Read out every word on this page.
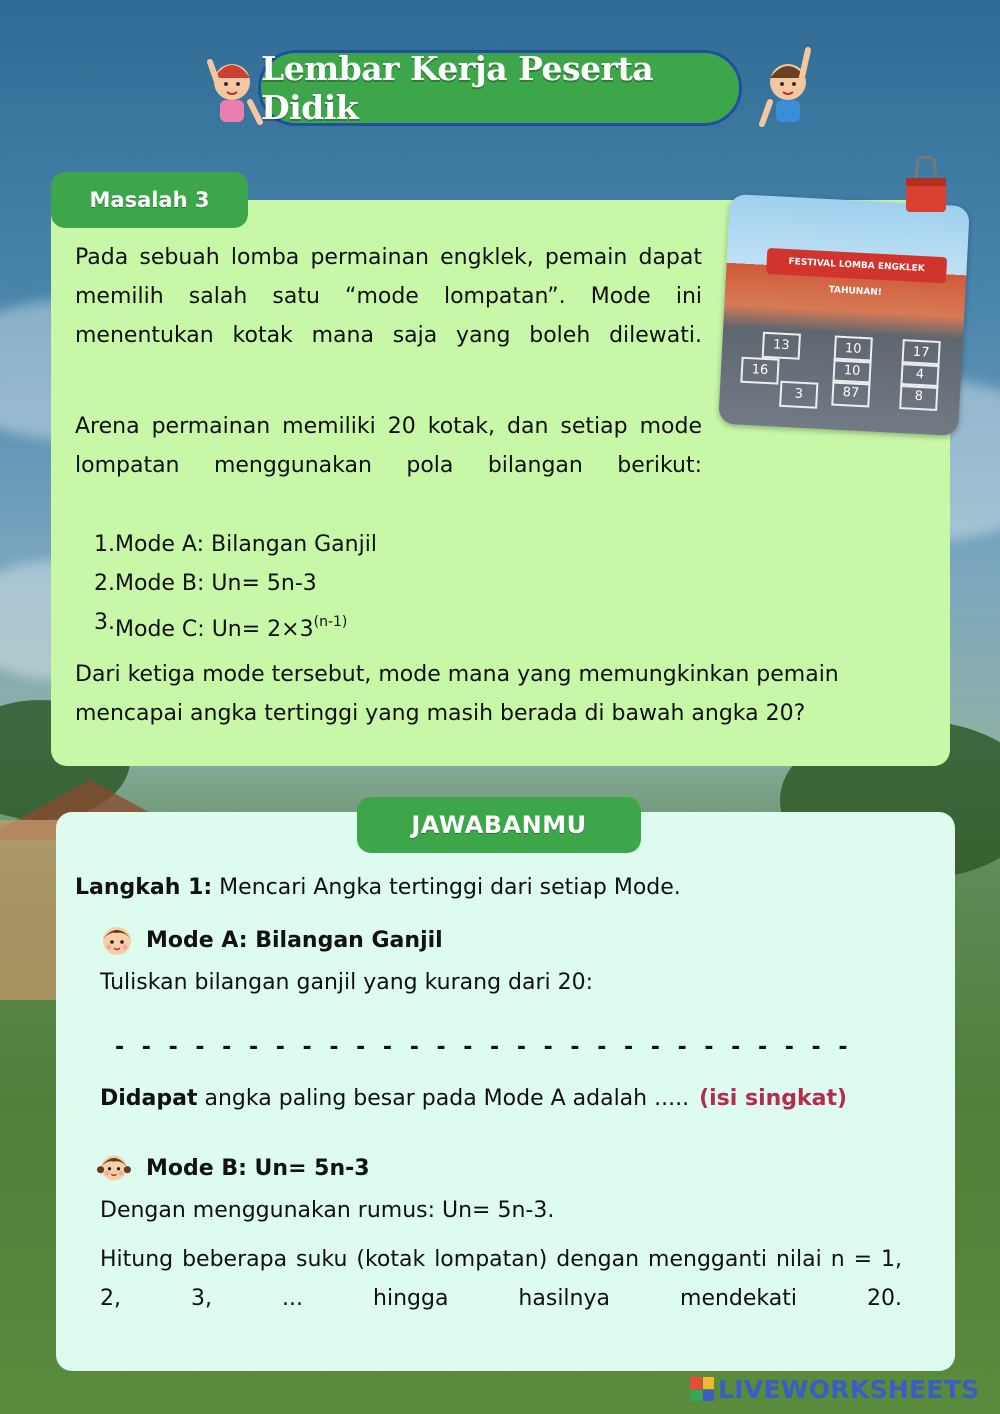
Lembar Kerja Peserta Didik
Masalah 3
Pada sebuah lomba permainan engklek, pemain dapat memilih salah satu “mode lompatan”. Mode ini menentukan kotak mana saja yang boleh dilewati.
Arena permainan memiliki 20 kotak, dan setiap mode lompatan menggunakan pola bilangan berikut:
1. Mode A: Bilangan Ganjil
2. Mode B: Un= 5n-3
3. Mode C: $Un= 2\times 3^{(n-1)}$
Dari ketiga mode tersebut, mode mana yang memungkinkan pemain mencapai angka tertinggi yang masih berada di bawah angka 20?
FESTIVAL LOMBA ENGKLEK TAHUNAN!
13	10	17
16	10	4
3	87	8
JAWABANMU
Langkah 1: Mencari Angka tertinggi dari setiap Mode.
Mode A: Bilangan Ganjil
Tuliskan bilangan ganjil yang kurang dari 20:
- - - - - - - - - - - - - - - - - - - - - - - - - - - -
Didapat angka paling besar pada Mode A adalah ..... (isi singkat)
Mode B: Un= 5n-3
Dengan menggunakan rumus: Un= 5n-3.
Hitung beberapa suku (kotak lompatan) dengan mengganti nilai n = 1, 2, 3, ... hingga hasilnya mendekati 20.
LIVEWORKSHEETS
